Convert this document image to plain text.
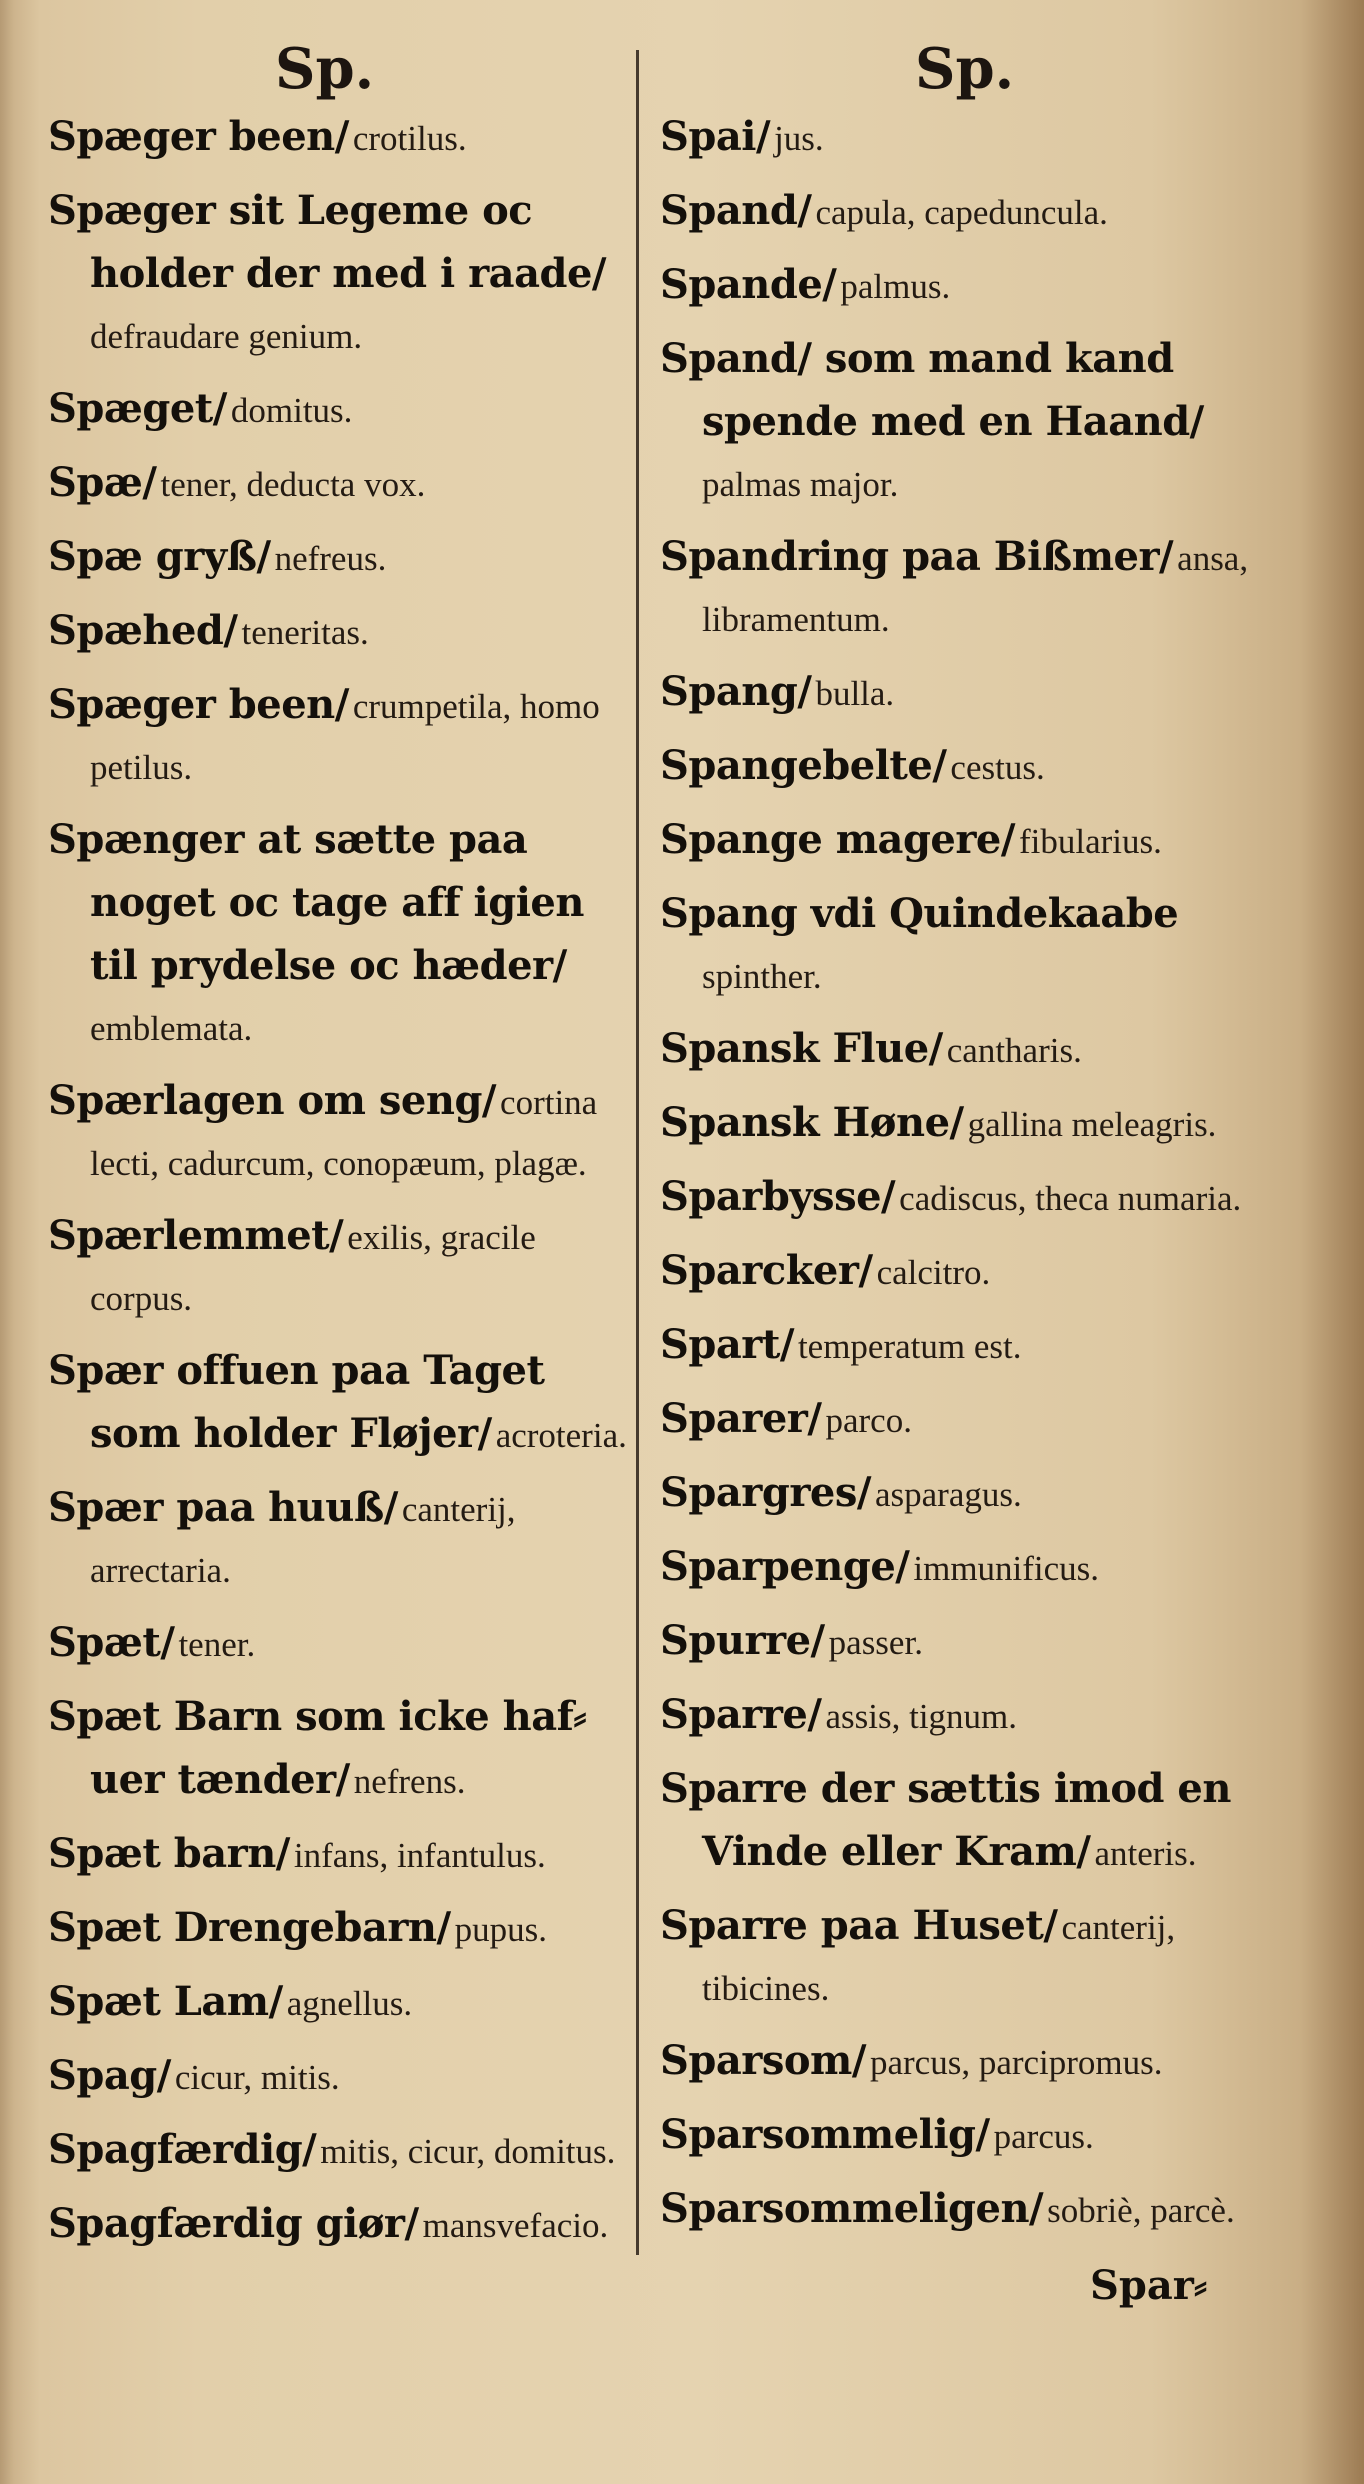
Sp.	Sp.
Spæger been/ crotilus.
Spæger sit Legeme oc holder der med i raade/ defraudare genium.
Spæget/ domitus.
Spæ/ tener, deducta vox.
Spæ gryß/ nefreus.
Spæhed/ teneritas.
Spæger been/ crumpetila, homo petilus.
Spænger at sætte paa noget oc tage aff igien til prydelse oc hæder/ emblemata.
Spærlagen om seng/ cortina lecti, cadurcum, conopæum, plagæ.
Spærlemmet/ exilis, gracile corpus.
Spær offuen paa Taget som holder Fløjer/ acroteria.
Spær paa huuß/ canterij, arrectaria.
Spæt/ tener.
Spæt Barn som icke haf⸗ uer tænder/ nefrens.
Spæt barn/ infans, infantulus.
Spæt Drengebarn/ pupus.
Spæt Lam/ agnellus.
Spag/ cicur, mitis.
Spagfærdig/ mitis, cicur, domitus.
Spagfærdig giør/ mansvefacio.
Spai/ jus.
Spand/ capula, capeduncula.
Spande/ palmus.
Spand/ som mand kand spende med en Haand/ palmas major.
Spandring paa Bißmer/ ansa, libramentum.
Spang/ bulla.
Spangebelte/ cestus.
Spange magere/ fibularius.
Spang vdi Quindekaabe spinther.
Spansk Flue/ cantharis.
Spansk Høne/ gallina meleagris.
Sparbysse/ cadiscus, theca numaria.
Sparcker/ calcitro.
Spart/ temperatum est.
Sparer/ parco.
Spargres/ asparagus.
Sparpenge/ immunificus.
Spurre/ passer.
Sparre/ assis, tignum.
Sparre der sættis imod en Vinde eller Kram/ anteris.
Sparre paa Huset/ canterij, tibicines.
Sparsom/ parcus, parcipromus.
Sparsommelig/ parcus.
Sparsommeligen/ sobriè, parcè.
Spar⸗
